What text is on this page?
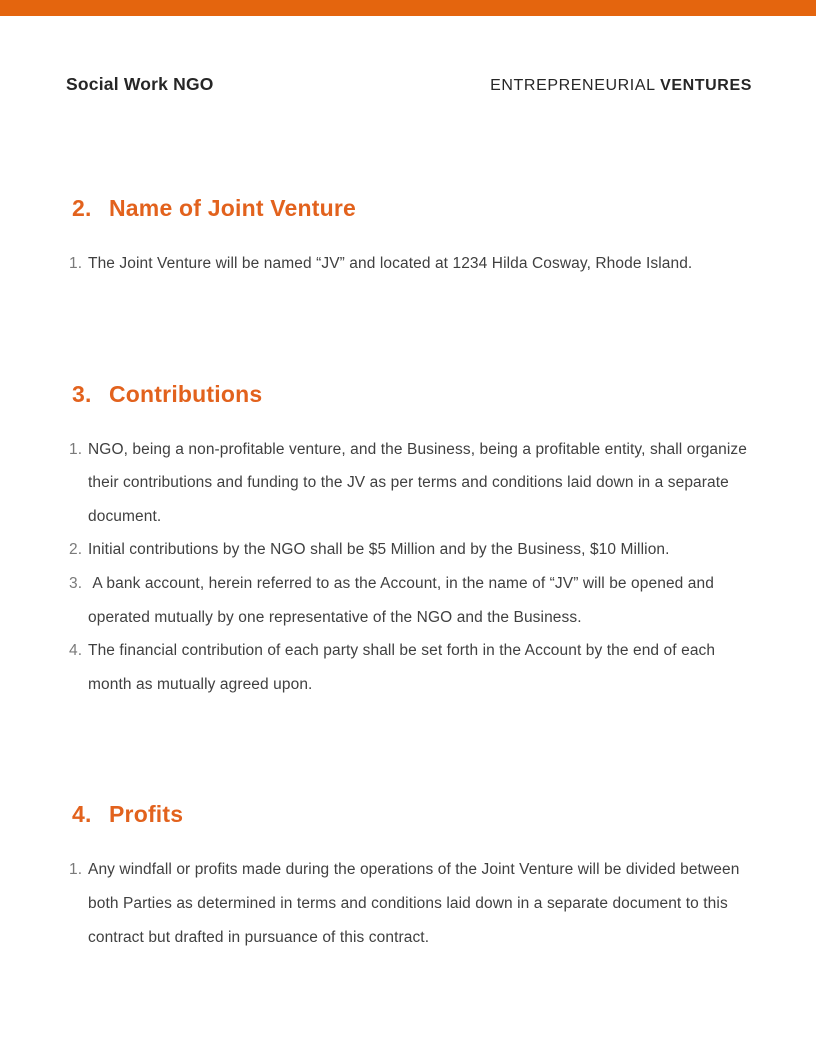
Social Work NGO	ENTREPRENEURIAL VENTURES
2. Name of Joint Venture
1. The Joint Venture will be named “JV” and located at 1234 Hilda Cosway, Rhode Island.
3. Contributions
1. NGO, being a non-profitable venture, and the Business, being a profitable entity, shall organize their contributions and funding to the JV as per terms and conditions laid down in a separate document.
2. Initial contributions by the NGO shall be $5 Million and by the Business, $10 Million.
3. A bank account, herein referred to as the Account, in the name of “JV” will be opened and operated mutually by one representative of the NGO and the Business.
4. The financial contribution of each party shall be set forth in the Account by the end of each month as mutually agreed upon.
4. Profits
1. Any windfall or profits made during the operations of the Joint Venture will be divided between both Parties as determined in terms and conditions laid down in a separate document to this contract but drafted in pursuance of this contract.
